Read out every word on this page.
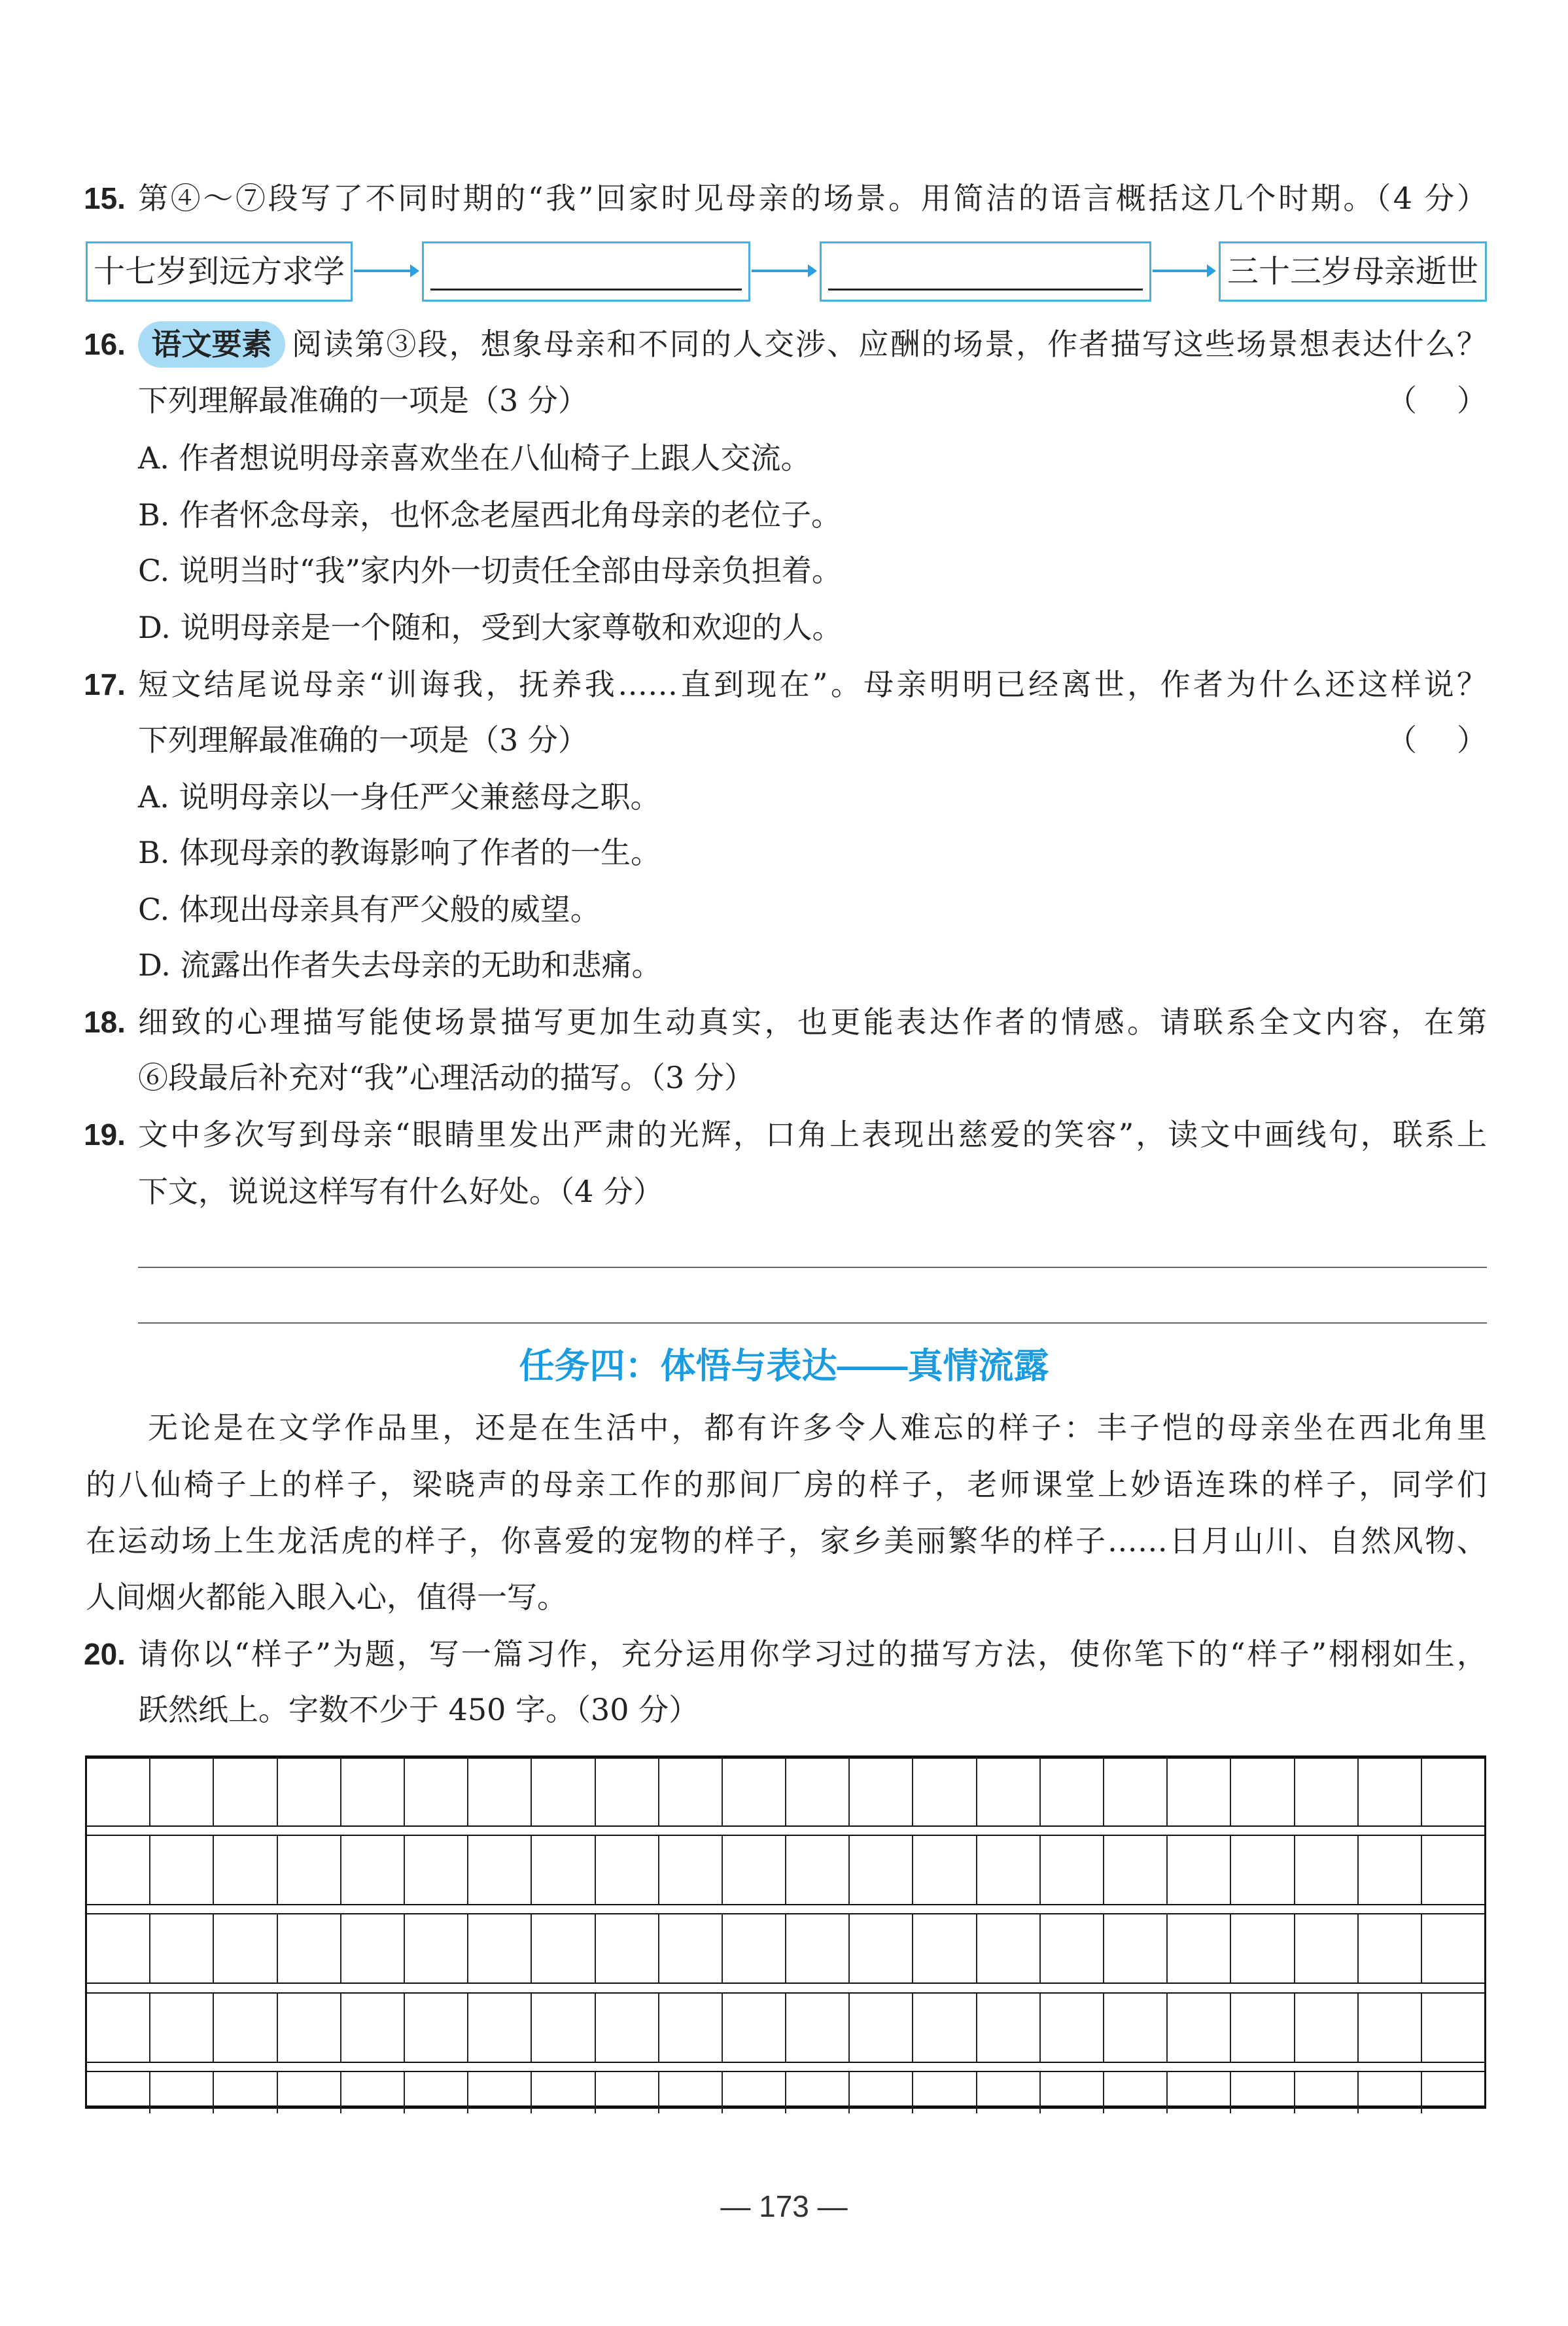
15. 第④～⑦段写了不同时期的“我”回家时见母亲的场景。用简洁的语言概括这几个时期。（4 分）
十七岁到远方求学	三十三岁母亲逝世
16. 语文要素 阅读第③段，想象母亲和不同的人交涉、应酬的场景，作者描写这些场景想表达什么？
下列理解最准确的一项是（3 分）	（ ）
A. 作者想说明母亲喜欢坐在八仙椅子上跟人交流。
B. 作者怀念母亲，也怀念老屋西北角母亲的老位子。
C. 说明当时“我”家内外一切责任全部由母亲负担着。
D. 说明母亲是一个随和，受到大家尊敬和欢迎的人。
17. 短文结尾说母亲“训诲我，抚养我……直到现在”。母亲明明已经离世，作者为什么还这样说？
下列理解最准确的一项是（3 分）	（ ）
A. 说明母亲以一身任严父兼慈母之职。
B. 体现母亲的教诲影响了作者的一生。
C. 体现出母亲具有严父般的威望。
D. 流露出作者失去母亲的无助和悲痛。
18. 细致的心理描写能使场景描写更加生动真实，也更能表达作者的情感。请联系全文内容，在第
⑥段最后补充对“我”心理活动的描写。（3 分）
19. 文中多次写到母亲“眼睛里发出严肃的光辉，口角上表现出慈爱的笑容”，读文中画线句，联系上
下文，说说这样写有什么好处。（4 分）
任务四：体悟与表达——真情流露
无论是在文学作品里，还是在生活中，都有许多令人难忘的样子：丰子恺的母亲坐在西北角里
的八仙椅子上的样子，梁晓声的母亲工作的那间厂房的样子，老师课堂上妙语连珠的样子，同学们
在运动场上生龙活虎的样子，你喜爱的宠物的样子，家乡美丽繁华的样子……日月山川、自然风物、
人间烟火都能入眼入心，值得一写。
20. 请你以“样子”为题，写一篇习作，充分运用你学习过的描写方法，使你笔下的“样子”栩栩如生，
跃然纸上。字数不少于 450 字。（30 分）
— 173 —
